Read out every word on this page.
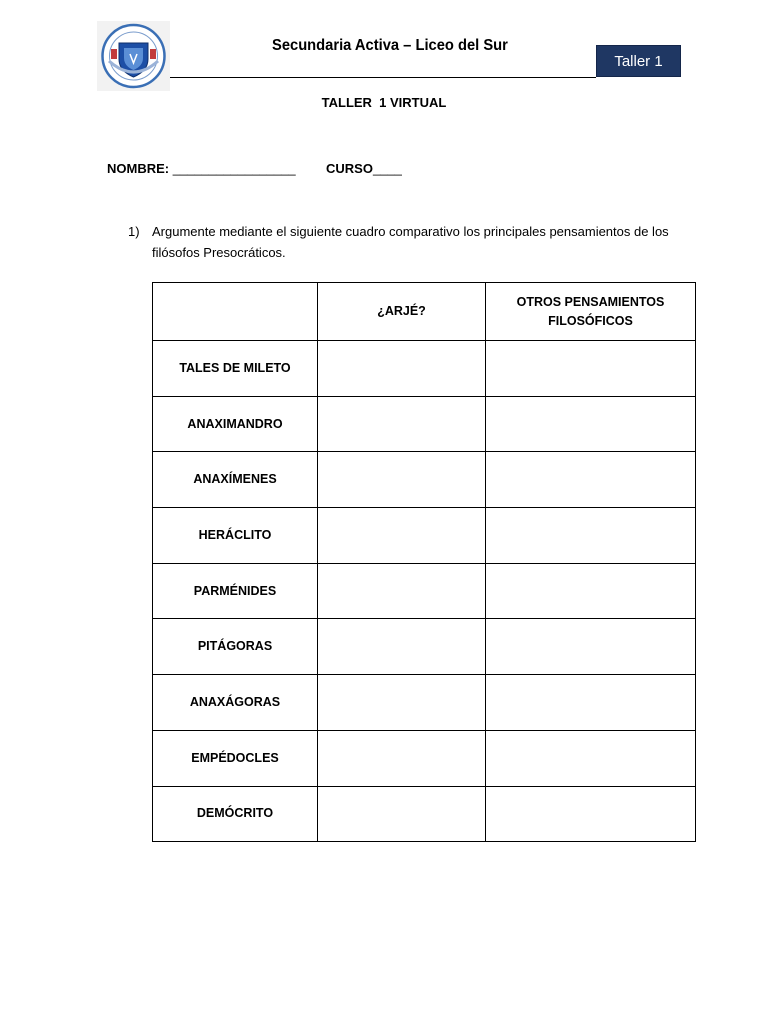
Secundaria Activa – Liceo del Sur
Taller 1
TALLER  1 VIRTUAL
NOMBRE: _________________ CURSO____
1) Argumente mediante el siguiente cuadro comparativo los principales pensamientos de los filósofos Presocráticos.
	¿ARJÉ?	OTROS PENSAMIENTOS FILOSÓFICOS
TALES DE MILETO		
ANAXIMANDRO		
ANAXÍMENES		
HERÁCLITO		
PARMÉNIDES		
PITÁGORAS		
ANAXÁGORAS		
EMPÉDOCLES		
DEMÓCRITO		
